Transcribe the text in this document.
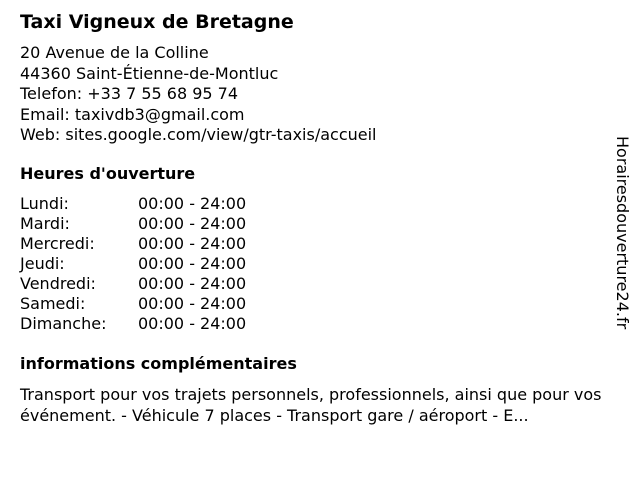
Taxi Vigneux de Bretagne
20 Avenue de la Colline
44360 Saint-Étienne-de-Montluc
Telefon: +33 7 55 68 95 74
Email: taxivdb3@gmail.com
Web: sites.google.com/view/gtr-taxis/accueil
Heures d'ouverture
Lundi:	00:00 - 24:00
Mardi:	00:00 - 24:00
Mercredi:	00:00 - 24:00
Jeudi:	00:00 - 24:00
Vendredi:	00:00 - 24:00
Samedi:	00:00 - 24:00
Dimanche:	00:00 - 24:00
informations complémentaires
Transport pour vos trajets personnels, professionnels, ainsi que pour vos événement. - Véhicule 7 places - Transport gare / aéroport - E...
Horairesdouverture24.fr
